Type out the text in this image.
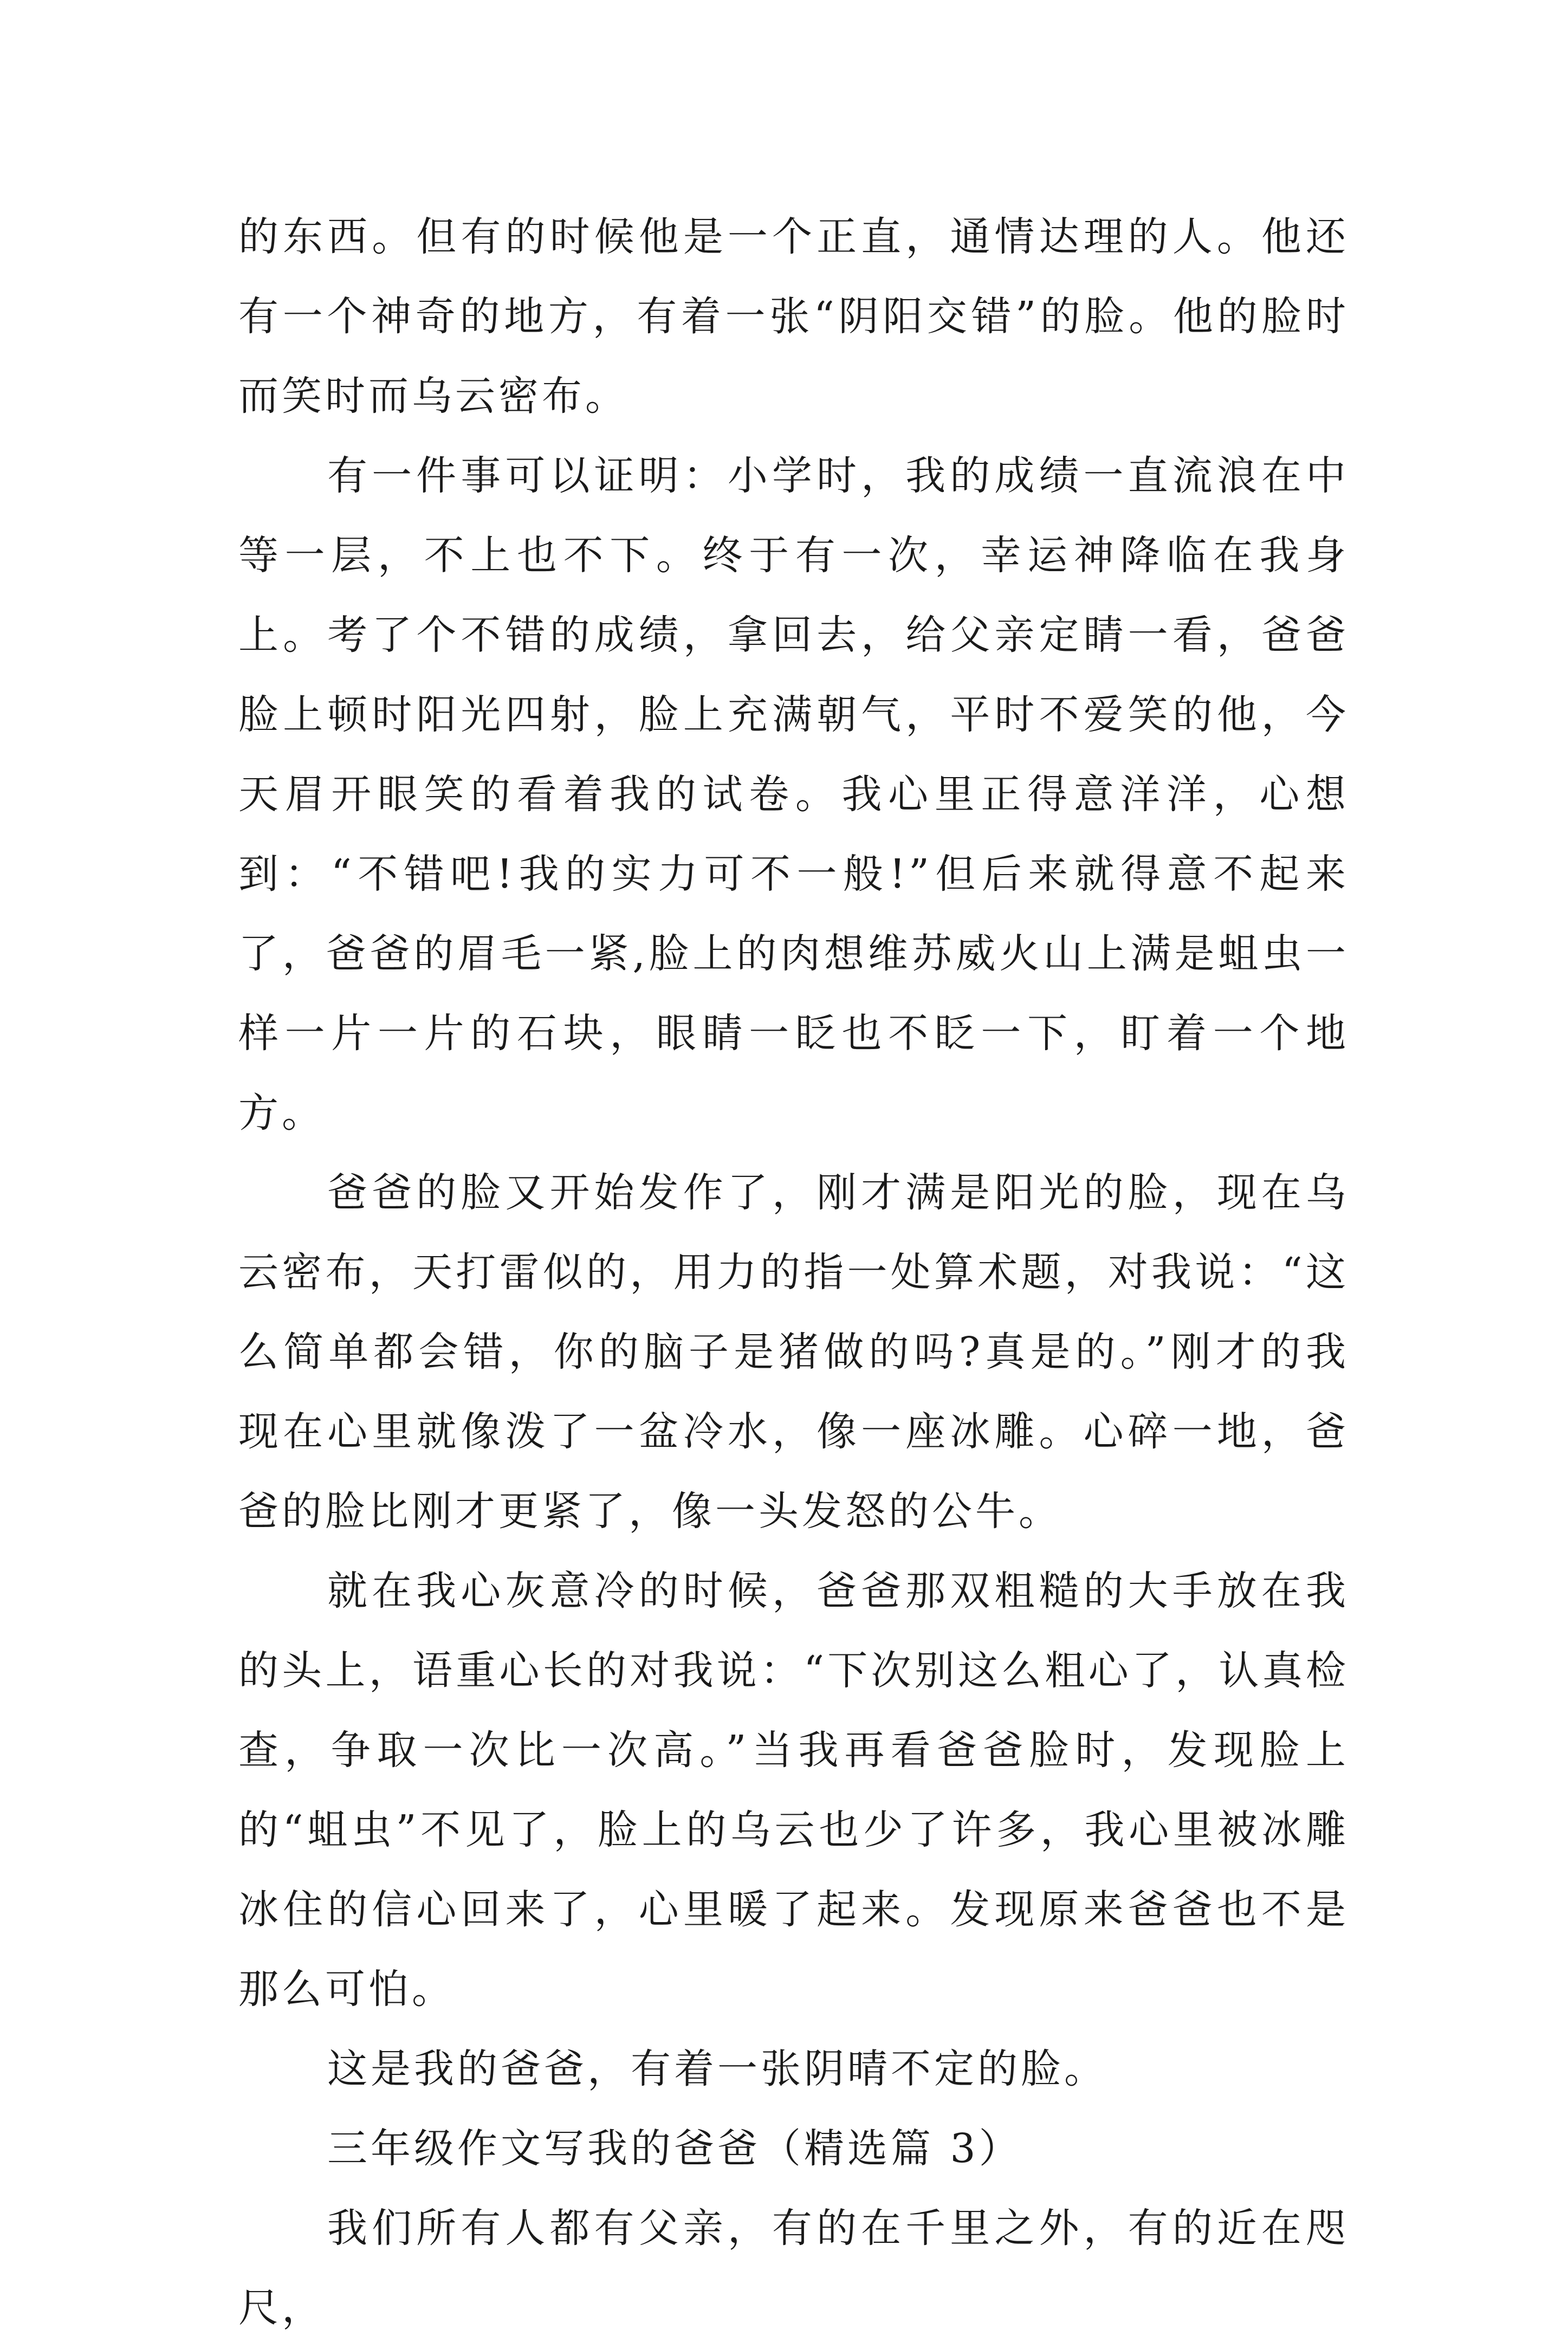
的东西。但有的时候他是一个正直，通情达理的人。他还有一个神奇的地方，有着一张“阴阳交错”的脸。他的脸时而笑时而乌云密布。

有一件事可以证明：小学时，我的成绩一直流浪在中等一层，不上也不下。终于有一次，幸运神降临在我身上。考了个不错的成绩，拿回去，给父亲定睛一看，爸爸脸上顿时阳光四射，脸上充满朝气，平时不爱笑的他，今天眉开眼笑的看着我的试卷。我心里正得意洋洋，心想到：“不错吧!我的实力可不一般!”但后来就得意不起来了，爸爸的眉毛一紧,脸上的肉想维苏威火山上满是蛆虫一样一片一片的石块，眼睛一眨也不眨一下，盯着一个地方。

爸爸的脸又开始发作了，刚才满是阳光的脸，现在乌云密布，天打雷似的，用力的指一处算术题，对我说：“这么简单都会错，你的脑子是猪做的吗?真是的。”刚才的我现在心里就像泼了一盆冷水，像一座冰雕。心碎一地，爸爸的脸比刚才更紧了，像一头发怒的公牛。

就在我心灰意冷的时候，爸爸那双粗糙的大手放在我的头上，语重心长的对我说：“下次别这么粗心了，认真检查，争取一次比一次高。”当我再看爸爸脸时，发现脸上的“蛆虫”不见了，脸上的乌云也少了许多，我心里被冰雕冰住的信心回来了，心里暖了起来。发现原来爸爸也不是那么可怕。

这是我的爸爸，有着一张阴晴不定的脸。

三年级作文写我的爸爸（精选篇 3）

我们所有人都有父亲，有的在千里之外，有的近在咫尺，
